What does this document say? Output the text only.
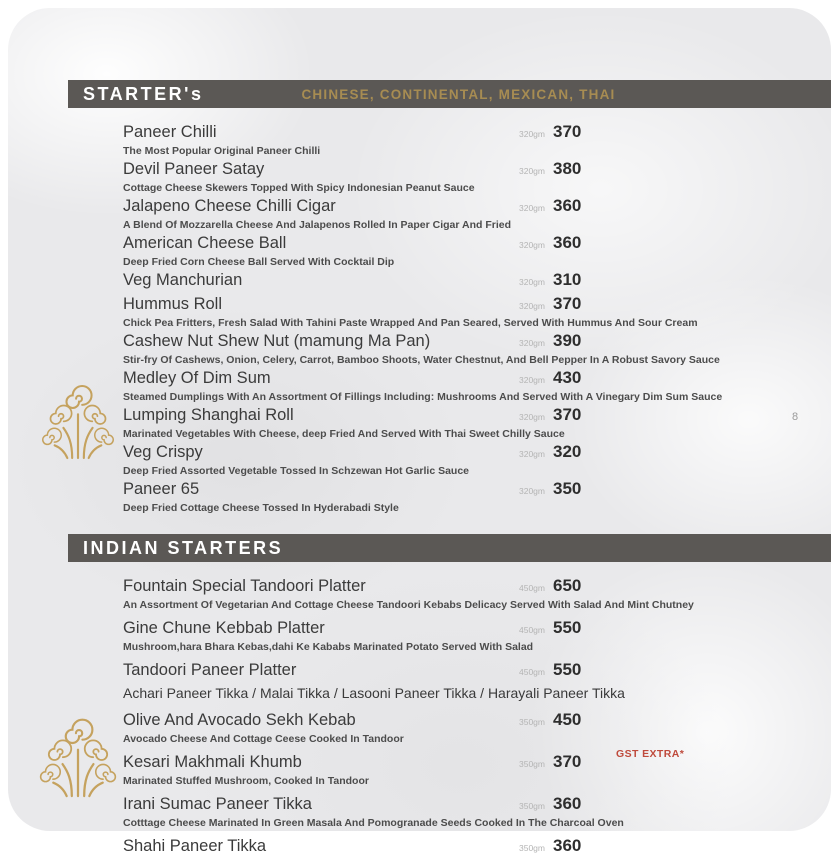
STARTER's	CHINESE, CONTINENTAL, MEXICAN, THAI
Paneer Chilli	320gm 370
The Most Popular Original Paneer Chilli
Devil Paneer Satay	320gm 380
Cottage Cheese Skewers Topped With Spicy Indonesian Peanut Sauce
Jalapeno Cheese Chilli Cigar	320gm 360
A Blend Of Mozzarella Cheese And Jalapenos Rolled In Paper Cigar And Fried
American Cheese Ball	320gm 360
Deep Fried Corn Cheese Ball Served With Cocktail Dip
Veg Manchurian	320gm 310
Hummus Roll	320gm 370
Chick Pea Fritters, Fresh Salad With Tahini Paste Wrapped And Pan Seared, Served With Hummus And Sour Cream
Cashew Nut Shew Nut (mamung Ma Pan)	320gm 390
Stir-fry Of Cashews, Onion, Celery, Carrot, Bamboo Shoots, Water Chestnut, And Bell Pepper In A Robust Savory Sauce
Medley Of Dim Sum	320gm 430
Steamed Dumplings With An Assortment Of Fillings Including: Mushrooms And Served With A Vinegary Dim Sum Sauce
Lumping Shanghai Roll	320gm 370
Marinated Vegetables With Cheese, deep Fried And Served With Thai Sweet Chilly Sauce
Veg Crispy	320gm 320
Deep Fried Assorted Vegetable Tossed In Schzewan Hot Garlic Sauce
Paneer 65	320gm 350
Deep Fried Cottage Cheese Tossed In Hyderabadi Style
INDIAN STARTERS
Fountain Special Tandoori Platter	450gm 650
An Assortment Of Vegetarian And Cottage Cheese Tandoori Kebabs Delicacy Served With Salad And Mint Chutney
Gine Chune Kebbab Platter	450gm 550
Mushroom,hara Bhara Kebas,dahi Ke Kababs Marinated Potato Served With Salad
Tandoori Paneer Platter	450gm 550
Achari Paneer Tikka / Malai Tikka / Lasooni Paneer Tikka / Harayali Paneer Tikka
Olive And Avocado Sekh Kebab	350gm 450
Avocado Cheese And Cottage Ceese Cooked In Tandoor
Kesari Makhmali Khumb	350gm 370
Marinated Stuffed Mushroom, Cooked In Tandoor
Irani Sumac Paneer Tikka	350gm 360
Cotttage Cheese Marinated In Green Masala And Pomogranade Seeds Cooked In The Charcoal Oven
Shahi Paneer Tikka	350gm 360
8
GST EXTRA*
